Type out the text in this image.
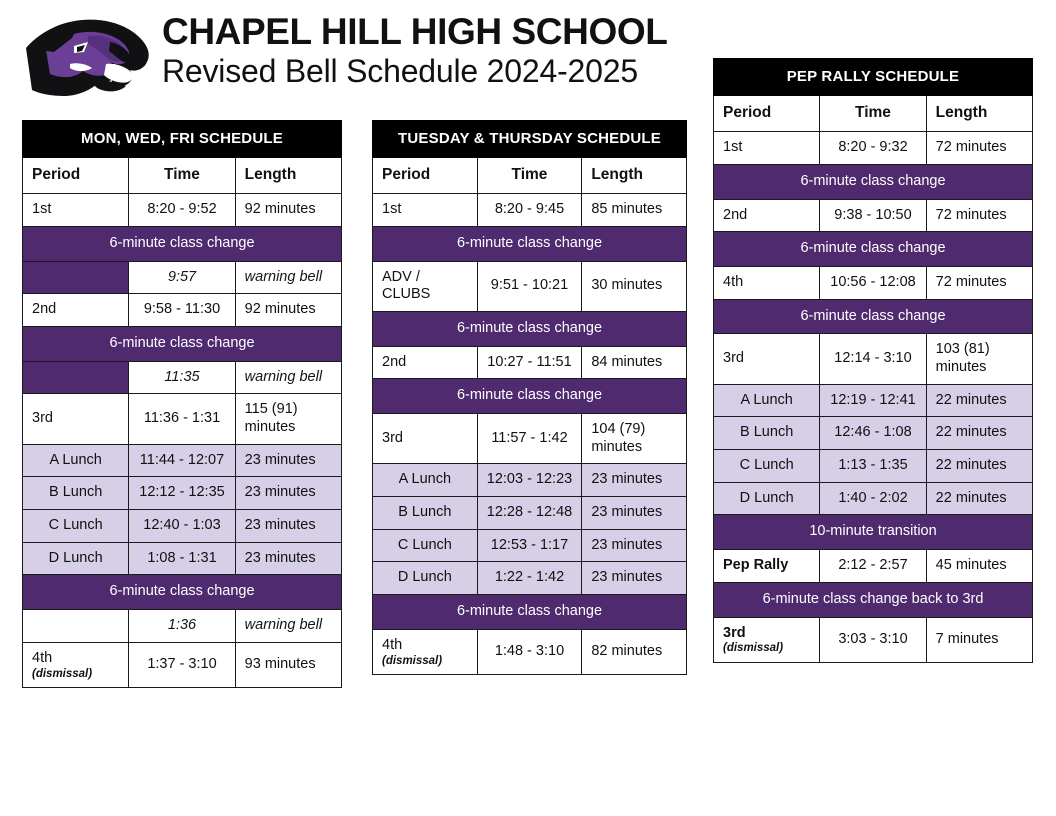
CHAPEL HILL HIGH SCHOOL
Revised Bell Schedule 2024-2025
MON, WED, FRI SCHEDULE		
Period	Time	Length
1st	8:20 - 9:52	92 minutes
6-minute class change		
	9:57	warning bell
2nd	9:58 - 11:30	92 minutes
6-minute class change		
	11:35	warning bell
3rd	11:36 - 1:31	115 (91) minutes
A Lunch	11:44 - 12:07	23 minutes
B Lunch	12:12 - 12:35	23 minutes
C Lunch	12:40 - 1:03	23 minutes
D Lunch	1:08 - 1:31	23 minutes
6-minute class change		
	1:36	warning bell
4th
(dismissal)	1:37 - 3:10	93 minutes
TUESDAY & THURSDAY SCHEDULE		
Period	Time	Length
1st	8:20 - 9:45	85 minutes
6-minute class change		
ADV / CLUBS	9:51 - 10:21	30 minutes
6-minute class change		
2nd	10:27 - 11:51	84 minutes
6-minute class change		
3rd	11:57 - 1:42	104 (79) minutes
A Lunch	12:03 - 12:23	23 minutes
B Lunch	12:28 - 12:48	23 minutes
C Lunch	12:53 - 1:17	23 minutes
D Lunch	1:22 - 1:42	23 minutes
6-minute class change		
4th
(dismissal)	1:48 - 3:10	82 minutes
PEP RALLY SCHEDULE		
Period	Time	Length
1st	8:20 - 9:32	72 minutes
6-minute class change		
2nd	9:38 - 10:50	72 minutes
6-minute class change		
4th	10:56 - 12:08	72 minutes
6-minute class change		
3rd	12:14 - 3:10	103 (81) minutes
A Lunch	12:19 - 12:41	22 minutes
B Lunch	12:46 - 1:08	22 minutes
C Lunch	1:13 - 1:35	22 minutes
D Lunch	1:40 - 2:02	22 minutes
10-minute transition		
Pep Rally	2:12 - 2:57	45 minutes
6-minute class change back to 3rd		
3rd
(dismissal)	3:03 - 3:10	7 minutes
